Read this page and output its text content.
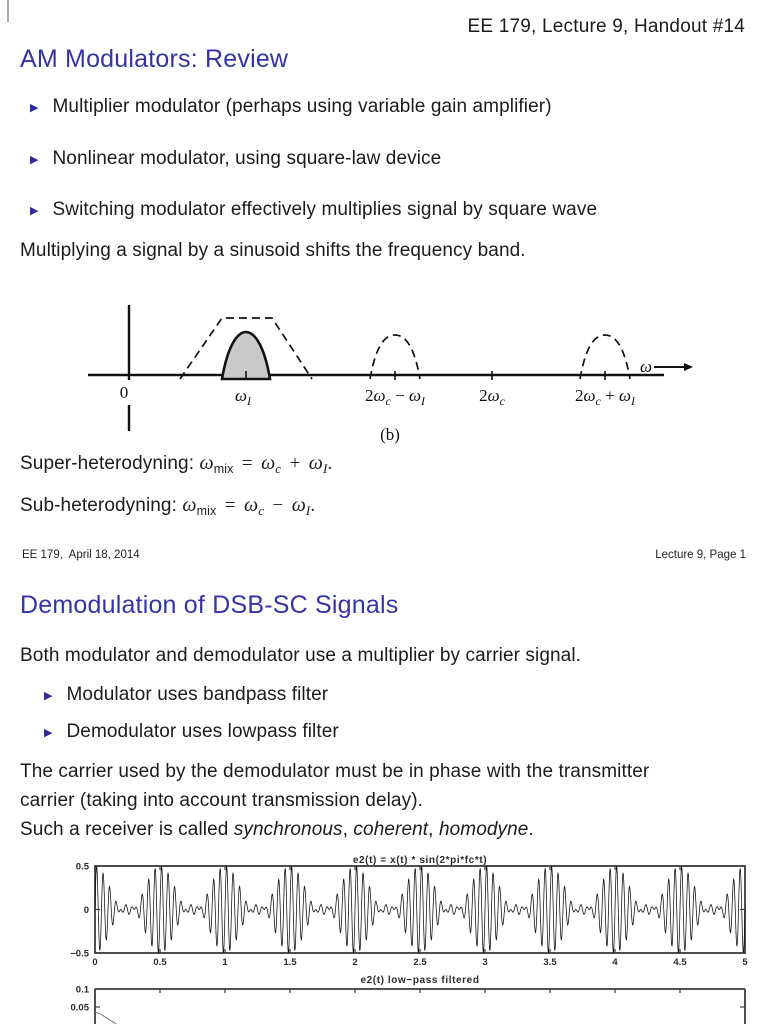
EE 179, Lecture 9, Handout #14
AM Modulators: Review
▶ Multiplier modulator (perhaps using variable gain amplifier)
▶ Nonlinear modulator, using square-law device
▶ Switching modulator effectively multiplies signal by square wave
Multiplying a signal by a sinusoid shifts the frequency band.
ω
0	$\omega_I$	$2\omega_c - \omega_I$	$2\omega_c$	$2\omega_c + \omega_I$
(b)
Super-heterodyning: $\omega_{mix} = \omega_c + \omega_I$.
Sub-heterodyning: $\omega_{mix} = \omega_c - \omega_I$.
EE 179,  April 18, 2014	Lecture 9, Page 1
Demodulation of DSB-SC Signals
Both modulator and demodulator use a multiplier by carrier signal.
▶ Modulator uses bandpass filter
▶ Demodulator uses lowpass filter
The carrier used by the demodulator must be in phase with the transmitter
carrier (taking into account transmission delay).
Such a receiver is called synchronous, coherent, homodyne.
e2(t) = x(t) * sin(2*pi*fc*t)
0	0.5	1	1.5	2	2.5	3	3.5	4	4.5	5
0.5
0
−0.5
e2(t) low−pass filtered
0.1
0.05
